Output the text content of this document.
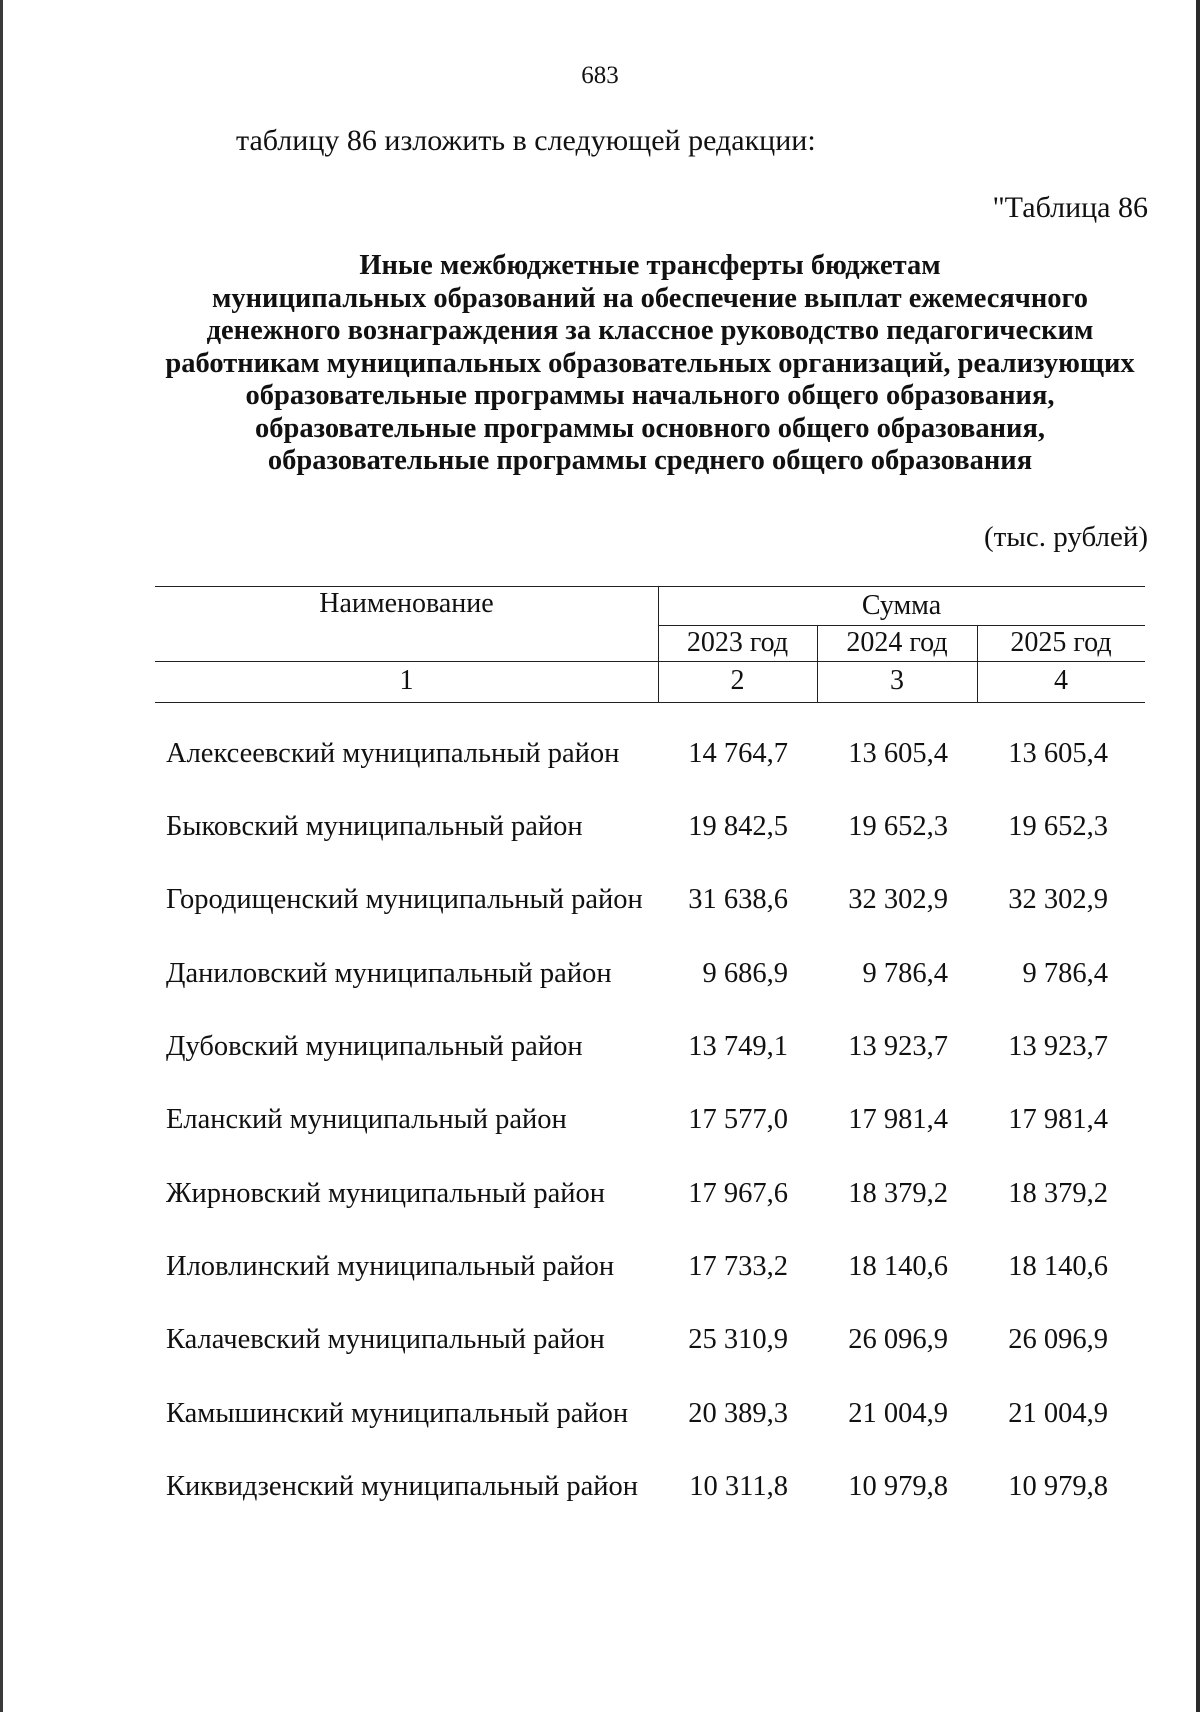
683
таблицу 86 изложить в следующей редакции:
"Таблица 86
Иные межбюджетные трансферты бюджетам
муниципальных образований на обеспечение выплат ежемесячного
денежного вознаграждения за классное руководство педагогическим
работникам муниципальных образовательных организаций, реализующих
образовательные программы начального общего образования,
образовательные программы основного общего образования,
образовательные программы среднего общего образования
(тыс. рублей)
Наименование	Сумма
2023 год	2024 год	2025 год
1	2	3	4
Алексеевский муниципальный район	14 764,7	13 605,4	13 605,4
Быковский муниципальный район	19 842,5	19 652,3	19 652,3
Городищенский муниципальный район	31 638,6	32 302,9	32 302,9
Даниловский муниципальный район	9 686,9	9 786,4	9 786,4
Дубовский муниципальный район	13 749,1	13 923,7	13 923,7
Еланский муниципальный район	17 577,0	17 981,4	17 981,4
Жирновский муниципальный район	17 967,6	18 379,2	18 379,2
Иловлинский муниципальный район	17 733,2	18 140,6	18 140,6
Калачевский муниципальный район	25 310,9	26 096,9	26 096,9
Камышинский муниципальный район	20 389,3	21 004,9	21 004,9
Киквидзенский муниципальный район	10 311,8	10 979,8	10 979,8
